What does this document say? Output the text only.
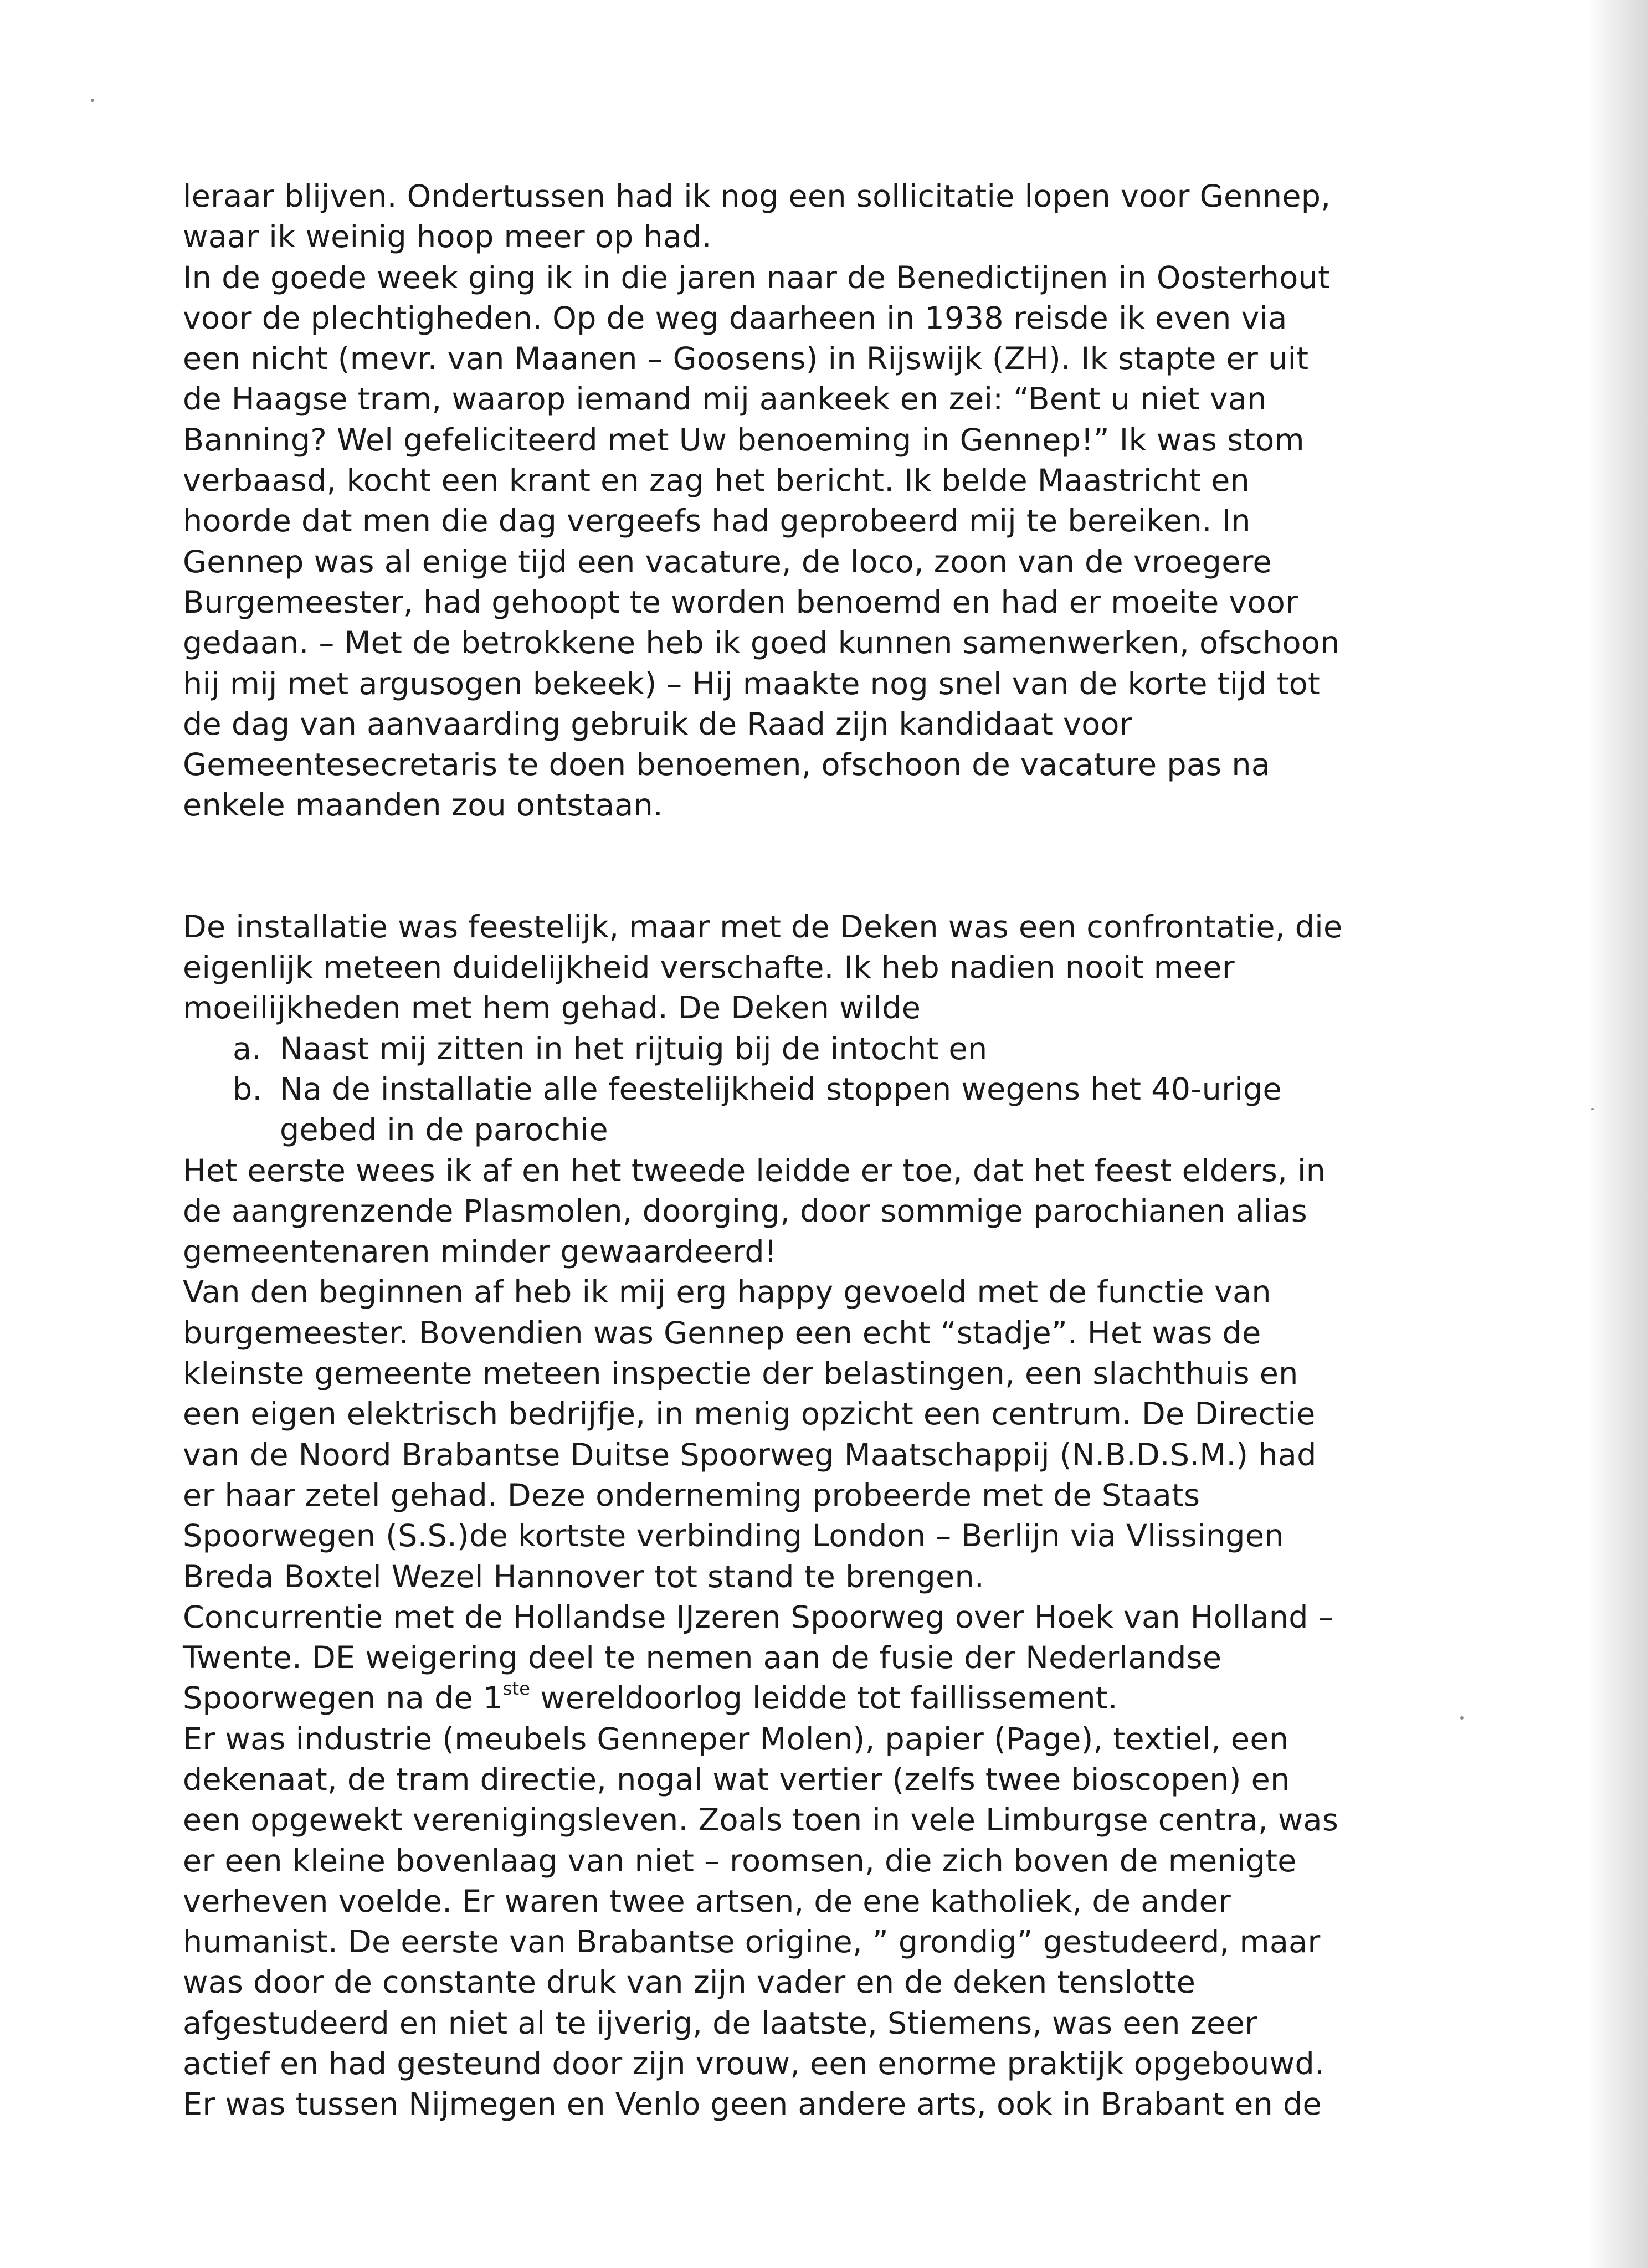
leraar blijven. Ondertussen had ik nog een sollicitatie lopen voor Gennep,
waar ik weinig hoop meer op had.
In de goede week ging ik in die jaren naar de Benedictijnen in Oosterhout
voor de plechtigheden. Op de weg daarheen in 1938 reisde ik even via
een nicht (mevr. van Maanen – Goosens) in Rijswijk (ZH). Ik stapte er uit
de Haagse tram, waarop iemand mij aankeek en zei: “Bent u niet van
Banning? Wel gefeliciteerd met Uw benoeming in Gennep!” Ik was stom
verbaasd, kocht een krant en zag het bericht. Ik belde Maastricht en
hoorde dat men die dag vergeefs had geprobeerd mij te bereiken. In
Gennep was al enige tijd een vacature, de loco, zoon van de vroegere
Burgemeester, had gehoopt te worden benoemd en had er moeite voor
gedaan. – Met de betrokkene heb ik goed kunnen samenwerken, ofschoon
hij mij met argusogen bekeek) – Hij maakte nog snel van de korte tijd tot
de dag van aanvaarding gebruik de Raad zijn kandidaat voor
Gemeentesecretaris te doen benoemen, ofschoon de vacature pas na
enkele maanden zou ontstaan.
De installatie was feestelijk, maar met de Deken was een confrontatie, die
eigenlijk meteen duidelijkheid verschafte. Ik heb nadien nooit meer
moeilijkheden met hem gehad. De Deken wilde
a. Naast mij zitten in het rijtuig bij de intocht en
b. Na de installatie alle feestelijkheid stoppen wegens het 40-urige
gebed in de parochie
Het eerste wees ik af en het tweede leidde er toe, dat het feest elders, in
de aangrenzende Plasmolen, doorging, door sommige parochianen alias
gemeentenaren minder gewaardeerd!
Van den beginnen af heb ik mij erg happy gevoeld met de functie van
burgemeester. Bovendien was Gennep een echt “stadje”. Het was de
kleinste gemeente meteen inspectie der belastingen, een slachthuis en
een eigen elektrisch bedrijfje, in menig opzicht een centrum. De Directie
van de Noord Brabantse Duitse Spoorweg Maatschappij (N.B.D.S.M.) had
er haar zetel gehad. Deze onderneming probeerde met de Staats
Spoorwegen (S.S.)de kortste verbinding London – Berlijn via Vlissingen
Breda Boxtel Wezel Hannover tot stand te brengen.
Concurrentie met de Hollandse IJzeren Spoorweg over Hoek van Holland –
Twente. DE weigering deel te nemen aan de fusie der Nederlandse
Spoorwegen na de 1ste wereldoorlog leidde tot faillissement.
Er was industrie (meubels Genneper Molen), papier (Page), textiel, een
dekenaat, de tram directie, nogal wat vertier (zelfs twee bioscopen) en
een opgewekt verenigingsleven. Zoals toen in vele Limburgse centra, was
er een kleine bovenlaag van niet – roomsen, die zich boven de menigte
verheven voelde. Er waren twee artsen, de ene katholiek, de ander
humanist. De eerste van Brabantse origine, ” grondig” gestudeerd, maar
was door de constante druk van zijn vader en de deken tenslotte
afgestudeerd en niet al te ijverig, de laatste, Stiemens, was een zeer
actief en had gesteund door zijn vrouw, een enorme praktijk opgebouwd.
Er was tussen Nijmegen en Venlo geen andere arts, ook in Brabant en de
